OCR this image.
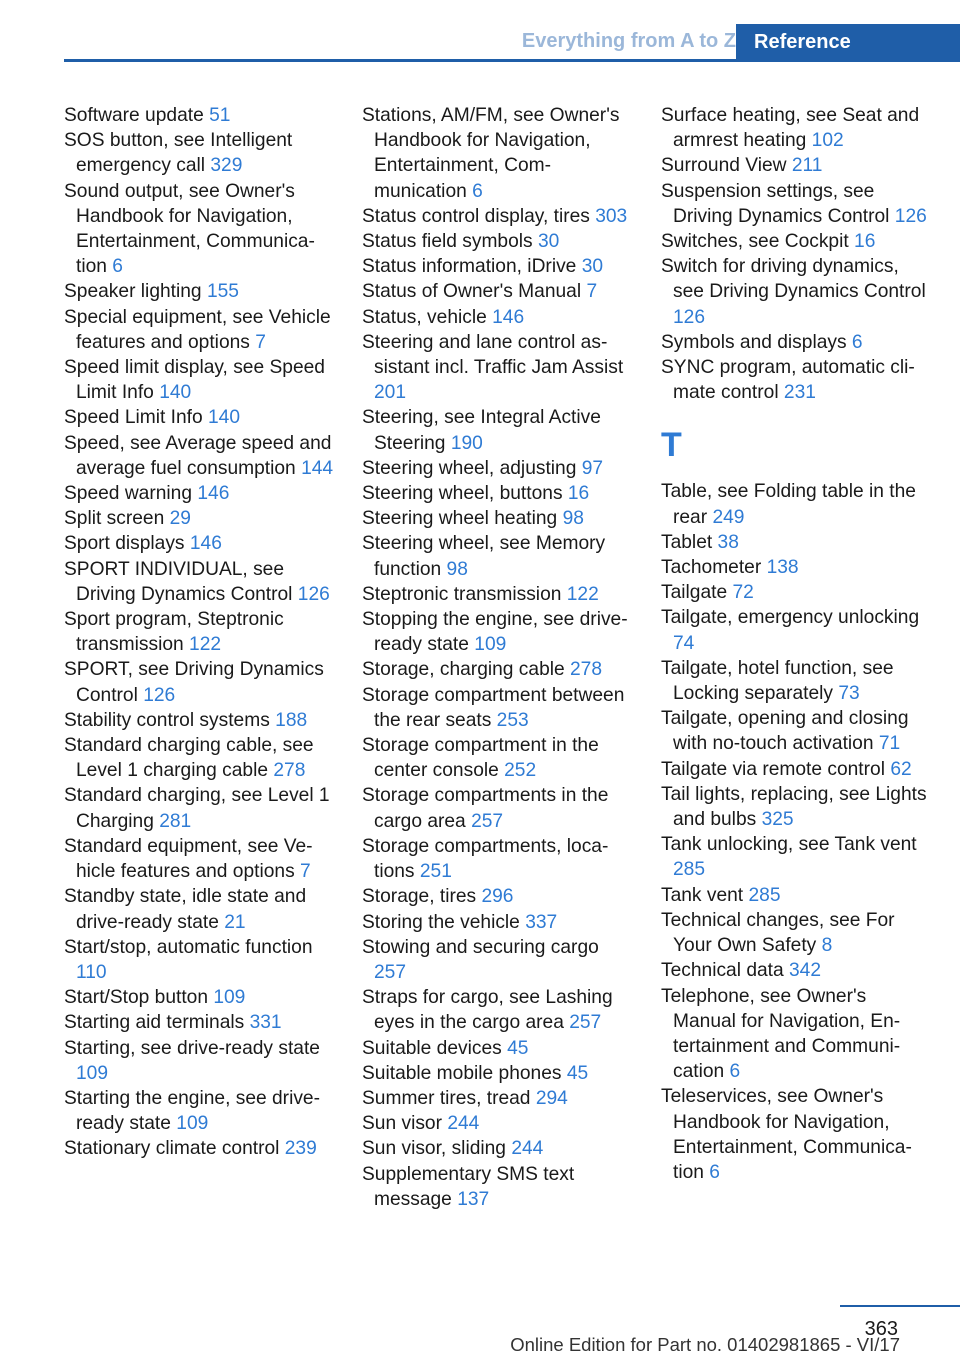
Everything from A to Z Reference
Software update 51
SOS button, see Intelligent emergency call 329
Sound output, see Owner's Handbook for Navigation, Entertainment, Communication 6
Speaker lighting 155
Special equipment, see Vehicle features and options 7
Speed limit display, see Speed Limit Info 140
Speed Limit Info 140
Speed, see Average speed and average fuel consumption 144
Speed warning 146
Split screen 29
Sport displays 146
SPORT INDIVIDUAL, see Driving Dynamics Control 126
Sport program, Steptronic transmission 122
SPORT, see Driving Dynamics Control 126
Stability control systems 188
Standard charging cable, see Level 1 charging cable 278
Standard charging, see Level 1 Charging 281
Standard equipment, see Vehicle features and options 7
Standby state, idle state and drive-ready state 21
Start/stop, automatic function 110
Start/Stop button 109
Starting aid terminals 331
Starting, see drive-ready state 109
Starting the engine, see drive-ready state 109
Stationary climate control 239
Stations, AM/FM, see Owner's Handbook for Navigation, Entertainment, Communication 6
Status control display, tires 303
Status field symbols 30
Status information, iDrive 30
Status of Owner's Manual 7
Status, vehicle 146
Steering and lane control assistant incl. Traffic Jam Assist 201
Steering, see Integral Active Steering 190
Steering wheel, adjusting 97
Steering wheel, buttons 16
Steering wheel heating 98
Steering wheel, see Memory function 98
Steptronic transmission 122
Stopping the engine, see drive-ready state 109
Storage, charging cable 278
Storage compartment between the rear seats 253
Storage compartment in the center console 252
Storage compartments in the cargo area 257
Storage compartments, locations 251
Storage, tires 296
Storing the vehicle 337
Stowing and securing cargo 257
Straps for cargo, see Lashing eyes in the cargo area 257
Suitable devices 45
Suitable mobile phones 45
Summer tires, tread 294
Sun visor 244
Sun visor, sliding 244
Supplementary SMS text message 137
Surface heating, see Seat and armrest heating 102
Surround View 211
Suspension settings, see Driving Dynamics Control 126
Switches, see Cockpit 16
Switch for driving dynamics, see Driving Dynamics Control 126
Symbols and displays 6
SYNC program, automatic climate control 231
T
Table, see Folding table in the rear 249
Tablet 38
Tachometer 138
Tailgate 72
Tailgate, emergency unlocking 74
Tailgate, hotel function, see Locking separately 73
Tailgate, opening and closing with no-touch activation 71
Tailgate via remote control 62
Tail lights, replacing, see Lights and bulbs 325
Tank unlocking, see Tank vent 285
Tank vent 285
Technical changes, see For Your Own Safety 8
Technical data 342
Telephone, see Owner's Manual for Navigation, Entertainment and Communication 6
Teleservices, see Owner's Handbook for Navigation, Entertainment, Communication 6
363
Online Edition for Part no. 01402981865 - VI/17
